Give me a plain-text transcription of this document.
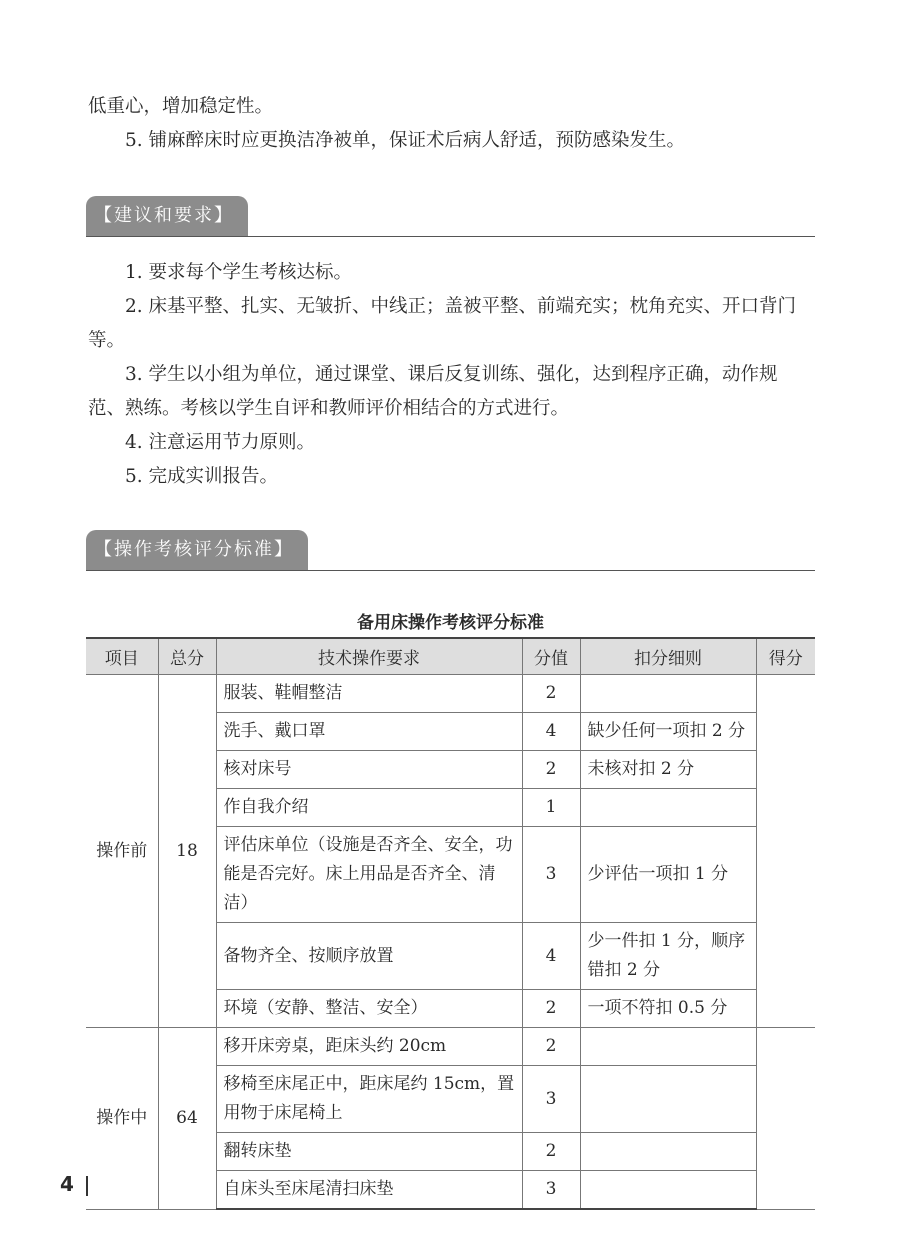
低重心，增加稳定性。

5. 铺麻醉床时应更换洁净被单，保证术后病人舒适，预防感染发生。

【建议和要求】

1. 要求每个学生考核达标。

2. 床基平整、扎实、无皱折、中线正；盖被平整、前端充实；枕角充实、开口背门等。

3. 学生以小组为单位，通过课堂、课后反复训练、强化，达到程序正确，动作规范、熟练。考核以学生自评和教师评价相结合的方式进行。

4. 注意运用节力原则。

5. 完成实训报告。

【操作考核评分标准】
备用床操作考核评分标准
项目	总分	技术操作要求	分值	扣分细则	得分
操作前	18	服装、鞋帽整洁	2		
		洗手、戴口罩	4	缺少任何一项扣 2 分	
		核对床号	2	未核对扣 2 分	
		作自我介绍	1		
		评估床单位（设施是否齐全、安全，功能是否完好。床上用品是否齐全、清洁）	3	少评估一项扣 1 分	
		备物齐全、按顺序放置	4	少一件扣 1 分，顺序错扣 2 分	
		环境（安静、整洁、安全）	2	一项不符扣 0.5 分	
操作中	64	移开床旁桌，距床头约 20cm	2		
		移椅至床尾正中，距床尾约 15cm，置用物于床尾椅上	3		
		翻转床垫	2		
		自床头至床尾清扫床垫	3		
4
